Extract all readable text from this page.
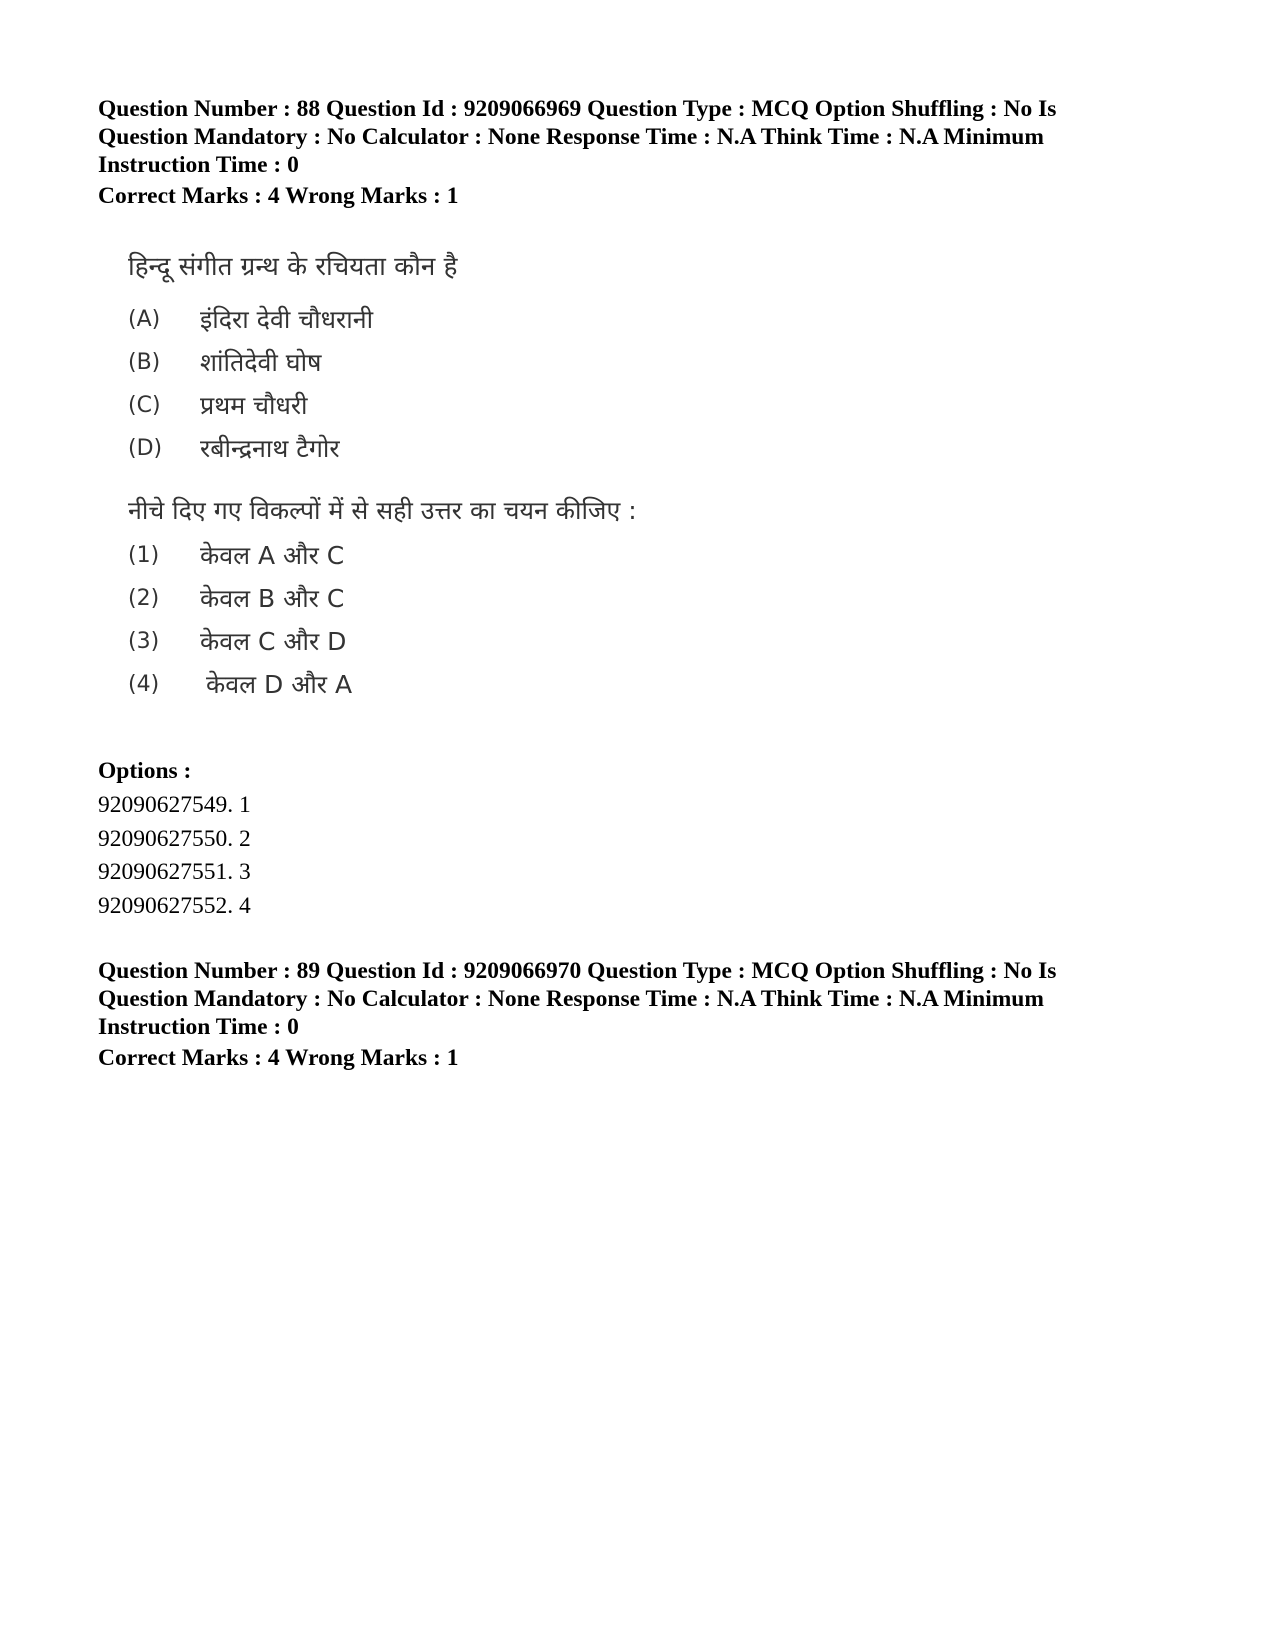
Question Number : 88 Question Id : 9209066969 Question Type : MCQ Option Shuffling : No Is
Question Mandatory : No Calculator : None Response Time : N.A Think Time : N.A Minimum
Instruction Time : 0
Correct Marks : 4 Wrong Marks : 1

हिन्दू संगीत ग्रन्थ के रचियता कौन है

(A) इंदिरा देवी चौधरानी
(B) शांतिदेवी घोष
(C) प्रथम चौधरी
(D) रबीन्द्रनाथ टैगोर

नीचे दिए गए विकल्पों में से सही उत्तर का चयन कीजिए :

(1) केवल A और C
(2) केवल B और C
(3) केवल C और D
(4) केवल D और A
Options :
92090627549. 1
92090627550. 2
92090627551. 3
92090627552. 4
Question Number : 89 Question Id : 9209066970 Question Type : MCQ Option Shuffling : No Is
Question Mandatory : No Calculator : None Response Time : N.A Think Time : N.A Minimum
Instruction Time : 0
Correct Marks : 4 Wrong Marks : 1
